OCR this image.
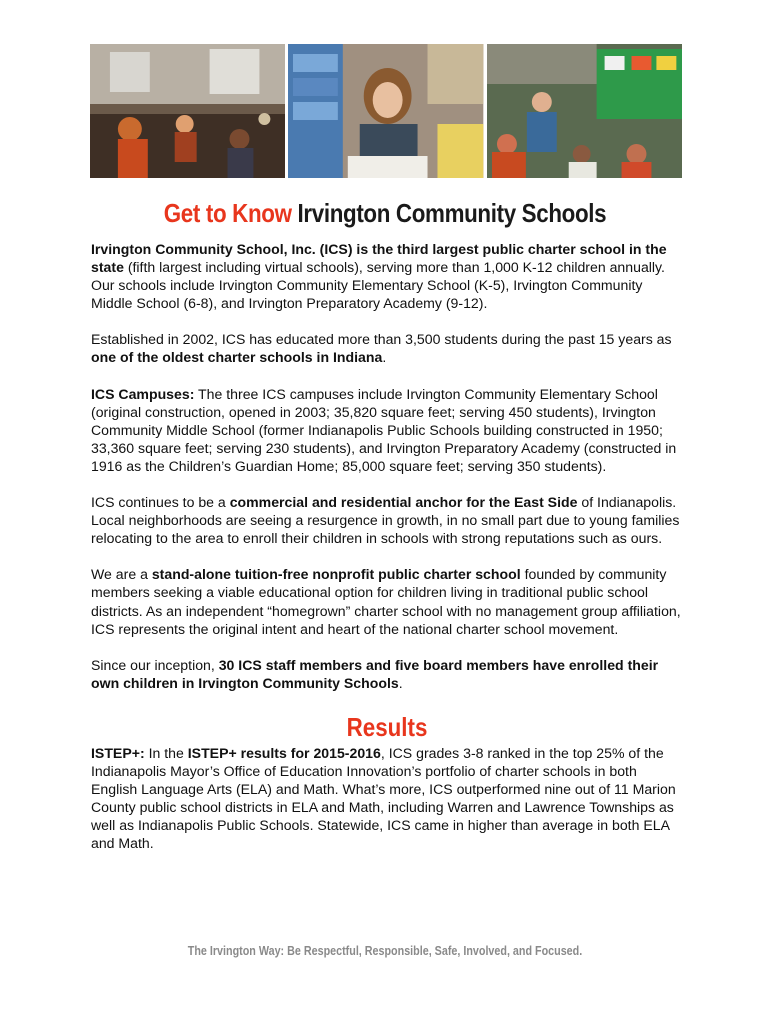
Get to Know Irvington Community Schools

Irvington Community School, Inc. (ICS) is the third largest public charter school in the state (fifth largest including virtual schools), serving more than 1,000 K-12 children annually. Our schools include Irvington Community Elementary School (K-5), Irvington Community Middle School (6-8), and Irvington Preparatory Academy (9-12).

Established in 2002, ICS has educated more than 3,500 students during the past 15 years as one of the oldest charter schools in Indiana.

ICS Campuses: The three ICS campuses include Irvington Community Elementary School (original construction, opened in 2003; 35,820 square feet; serving 450 students), Irvington Community Middle School (former Indianapolis Public Schools building constructed in 1950; 33,360 square feet; serving 230 students), and Irvington Preparatory Academy (constructed in 1916 as the Children’s Guardian Home; 85,000 square feet; serving 350 students).

ICS continues to be a commercial and residential anchor for the East Side of Indianapolis. Local neighborhoods are seeing a resurgence in growth, in no small part due to young families relocating to the area to enroll their children in schools with strong reputations such as ours.

We are a stand-alone tuition-free nonprofit public charter school founded by community members seeking a viable educational option for children living in traditional public school districts. As an independent “homegrown” charter school with no management group affiliation, ICS represents the original intent and heart of the national charter school movement.

Since our inception, 30 ICS staff members and five board members have enrolled their own children in Irvington Community Schools.

Results

ISTEP+: In the ISTEP+ results for 2015-2016, ICS grades 3-8 ranked in the top 25% of the Indianapolis Mayor’s Office of Education Innovation’s portfolio of charter schools in both English Language Arts (ELA) and Math. What’s more, ICS outperformed nine out of 11 Marion County public school districts in ELA and Math, including Warren and Lawrence Townships as well as Indianapolis Public Schools. Statewide, ICS came in higher than average in both ELA and Math.

The Irvington Way: Be Respectful, Responsible, Safe, Involved, and Focused.
